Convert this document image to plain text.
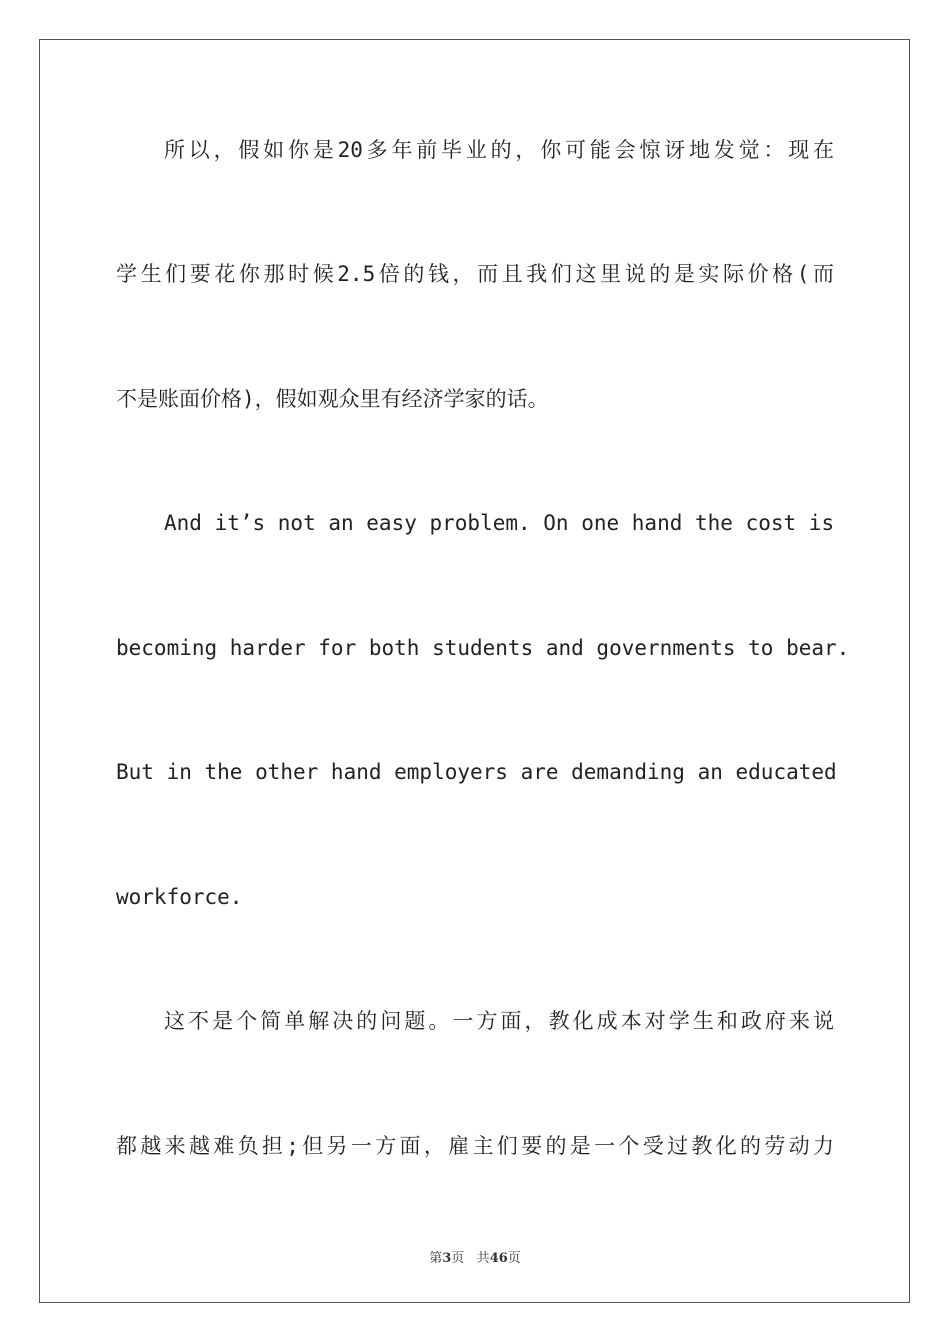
所以，假如你是20多年前毕业的，你可能会惊讶地发觉：现在
学生们要花你那时候2.5倍的钱，而且我们这里说的是实际价格(而
不是账面价格)，假如观众里有经济学家的话。
And it’s not an easy problem. On one hand the cost is
becoming harder for both students and governments to bear.
But in the other hand employers are demanding an educated
workforce.
这不是个简单解决的问题。一方面，教化成本对学生和政府来说
都越来越难负担;但另一方面，雇主们要的是一个受过教化的劳动力
第3页 共46页
